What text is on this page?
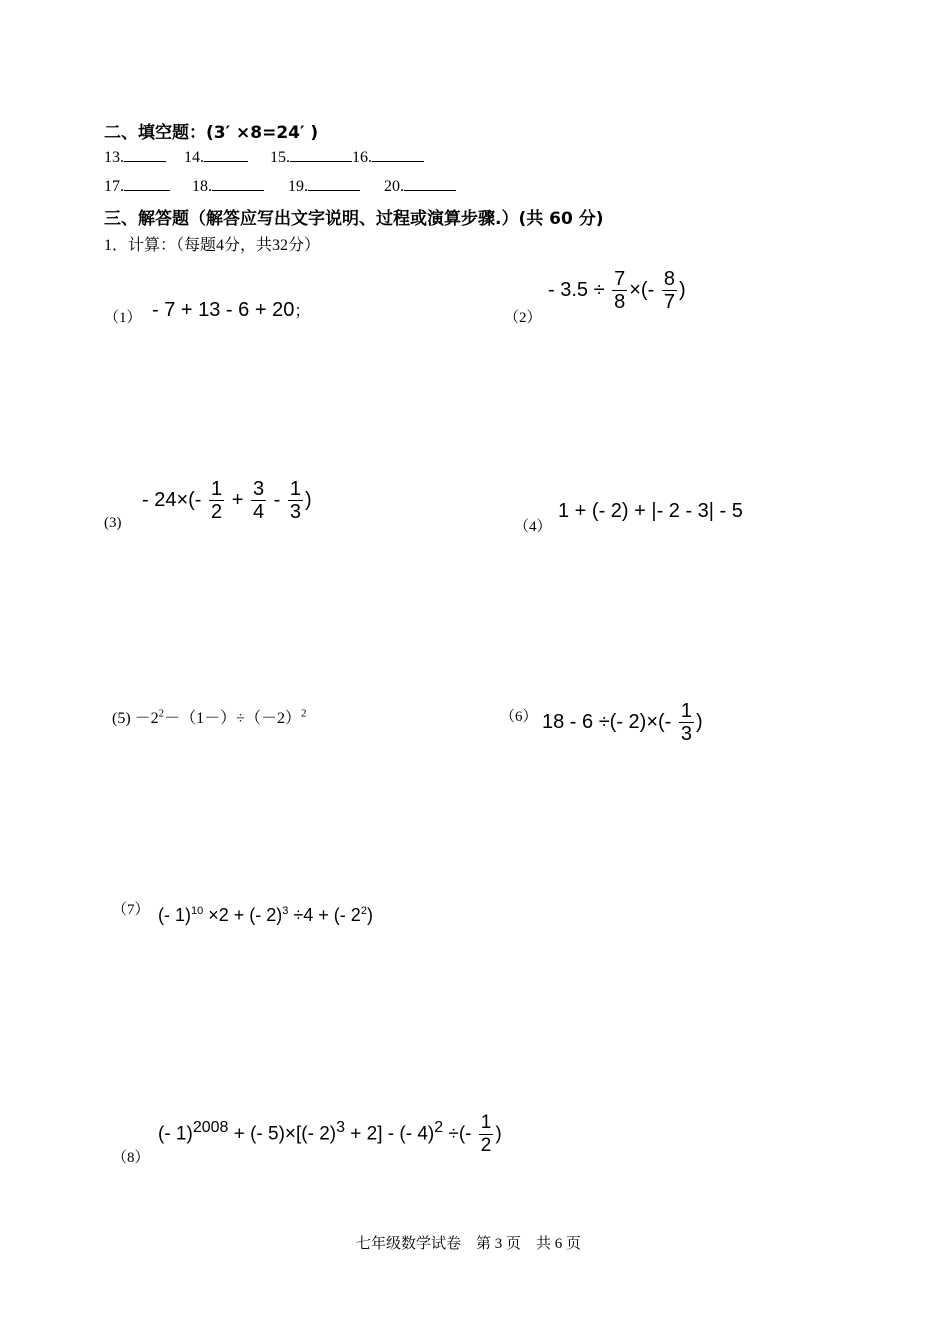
二、填空题：(3′ ×8=24′ )
13.	14.	15.	16.
17.	18.	19.	20.
三、解答题（解答应写出文字说明、过程或演算步骤.）(共 60 分)
1．计算：（每题4分，共32分）
（1） - 7 + 13 - 6 + 20；	（2）
- $3.5 \div \frac{7}{8}$ ×(- $\frac{8}{7}$ )
(3)
- $24\times(- \frac{1}{2} + \frac{3}{4} - \frac{1}{3}$ )
（4）
1 + (- 2) + |- 2 - 3| - 5
$(5) -2^2-(1-)\div(-2)^2$	（6） 18 - 6 ÷(- $2)\times(- \frac{1}{3}$ )
（7） (- 1)$^{10}$ ×2 + (- 2)$^3$ ÷4 + (- $2^2$)
（8）
(- 1)$^{2008}$ + (- 5)×[(- 2)$^3$ + 2] - (- 4)$^2$ ÷(- $\frac{1}{2}$ )
七年级数学试卷　第 3 页　共 6 页
